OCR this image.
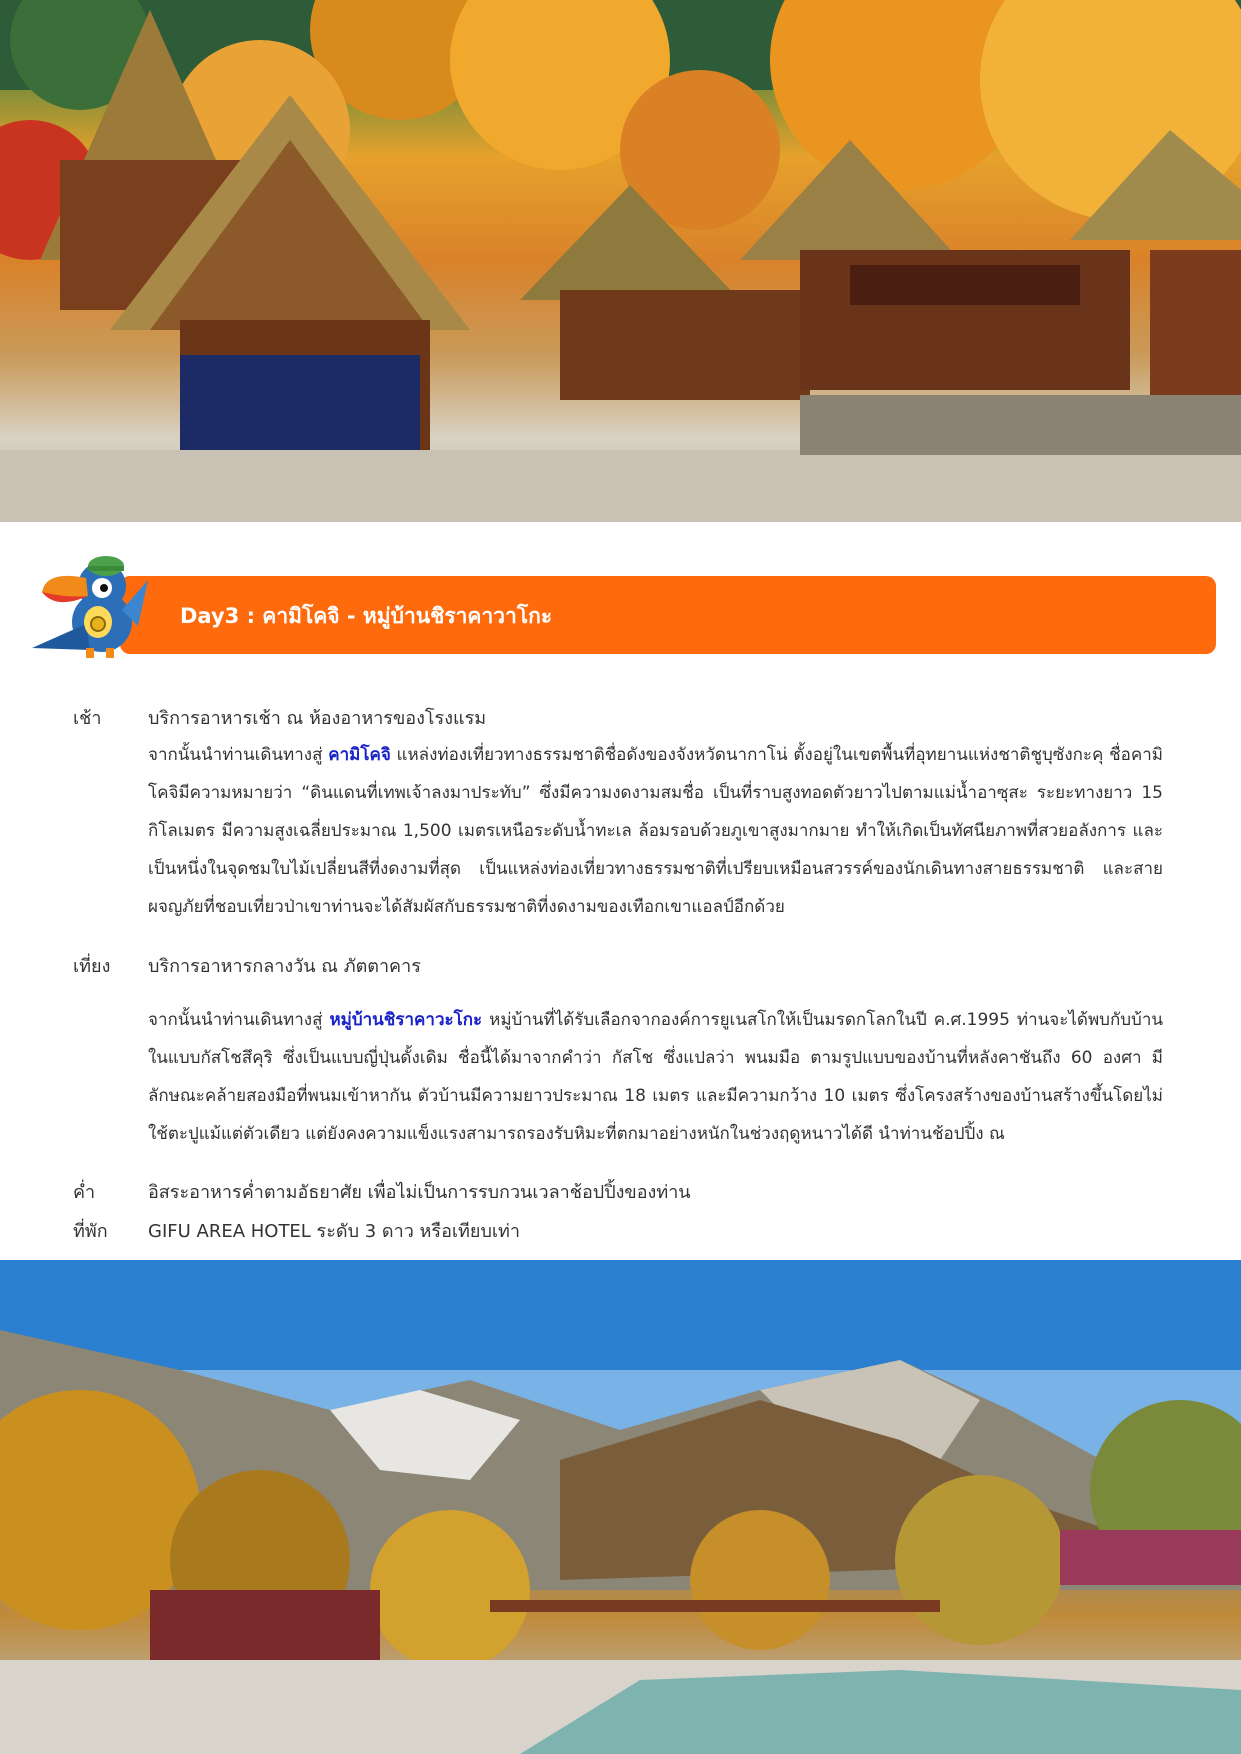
Day3 : คามิโคจิ - หมู่บ้านชิราคาวาโกะ
เช้า	บริการอาหารเช้า ณ ห้องอาหารของโรงแรม

จากนั้นนำท่านเดินทางสู่ คามิโคจิ แหล่งท่องเที่ยวทางธรรมชาติชื่อดังของจังหวัดนากาโน่ ตั้งอยู่ในเขตพื้นที่อุทยานแห่งชาติชูบุซังกะคุ ชื่อคามิโคจิมีความหมายว่า “ดินแดนที่เทพเจ้าลงมาประทับ” ซึ่งมีความงดงามสมชื่อ เป็นที่ราบสูงทอดตัวยาวไปตามแม่น้ำอาซุสะ ระยะทางยาว 15 กิโลเมตร มีความสูงเฉลี่ยประมาณ 1,500 เมตรเหนือระดับน้ำทะเล ล้อมรอบด้วยภูเขาสูงมากมาย ทำให้เกิดเป็นทัศนียภาพที่สวยอลังการ และเป็นหนึ่งในจุดชมใบไม้เปลี่ยนสีที่งดงามที่สุด เป็นแหล่งท่องเที่ยวทางธรรมชาติที่เปรียบเหมือนสวรรค์ของนักเดินทางสายธรรมชาติ และสายผจญภัยที่ชอบเที่ยวป่าเขาท่านจะได้สัมผัสกับธรรมชาติที่งดงามของเทือกเขาแอลป์อีกด้วย

เที่ยง บริการอาหารกลางวัน ณ ภัตตาคาร

จากนั้นนำท่านเดินทางสู่ หมู่บ้านชิราคาวะโกะ หมู่บ้านที่ได้รับเลือกจากองค์การยูเนสโกให้เป็นมรดกโลกในปี ค.ศ.1995 ท่านจะได้พบกับบ้านในแบบกัสโชสึคุริ ซึ่งเป็นแบบญี่ปุ่นดั้งเดิม ชื่อนี้ได้มาจากคำว่า กัสโช ซึ่งแปลว่า พนมมือ ตามรูปแบบของบ้านที่หลังคาชันถึง 60 องศา มีลักษณะคล้ายสองมือที่พนมเข้าหากัน ตัวบ้านมีความยาวประมาณ 18 เมตร และมีความกว้าง 10 เมตร ซึ่งโครงสร้างของบ้านสร้างขึ้นโดยไม่ใช้ตะปูแม้แต่ตัวเดียว แต่ยังคงความแข็งแรงสามารถรองรับหิมะที่ตกมาอย่างหนักในช่วงฤดูหนาวได้ดี นำท่านช้อปปิ้ง ณ

ค่ำ	อิสระอาหารค่ำตามอัธยาศัย เพื่อไม่เป็นการรบกวนเวลาช้อปปิ้งของท่าน
ที่พัก GIFU AREA HOTEL ระดับ 3 ดาว หรือเทียบเท่า
